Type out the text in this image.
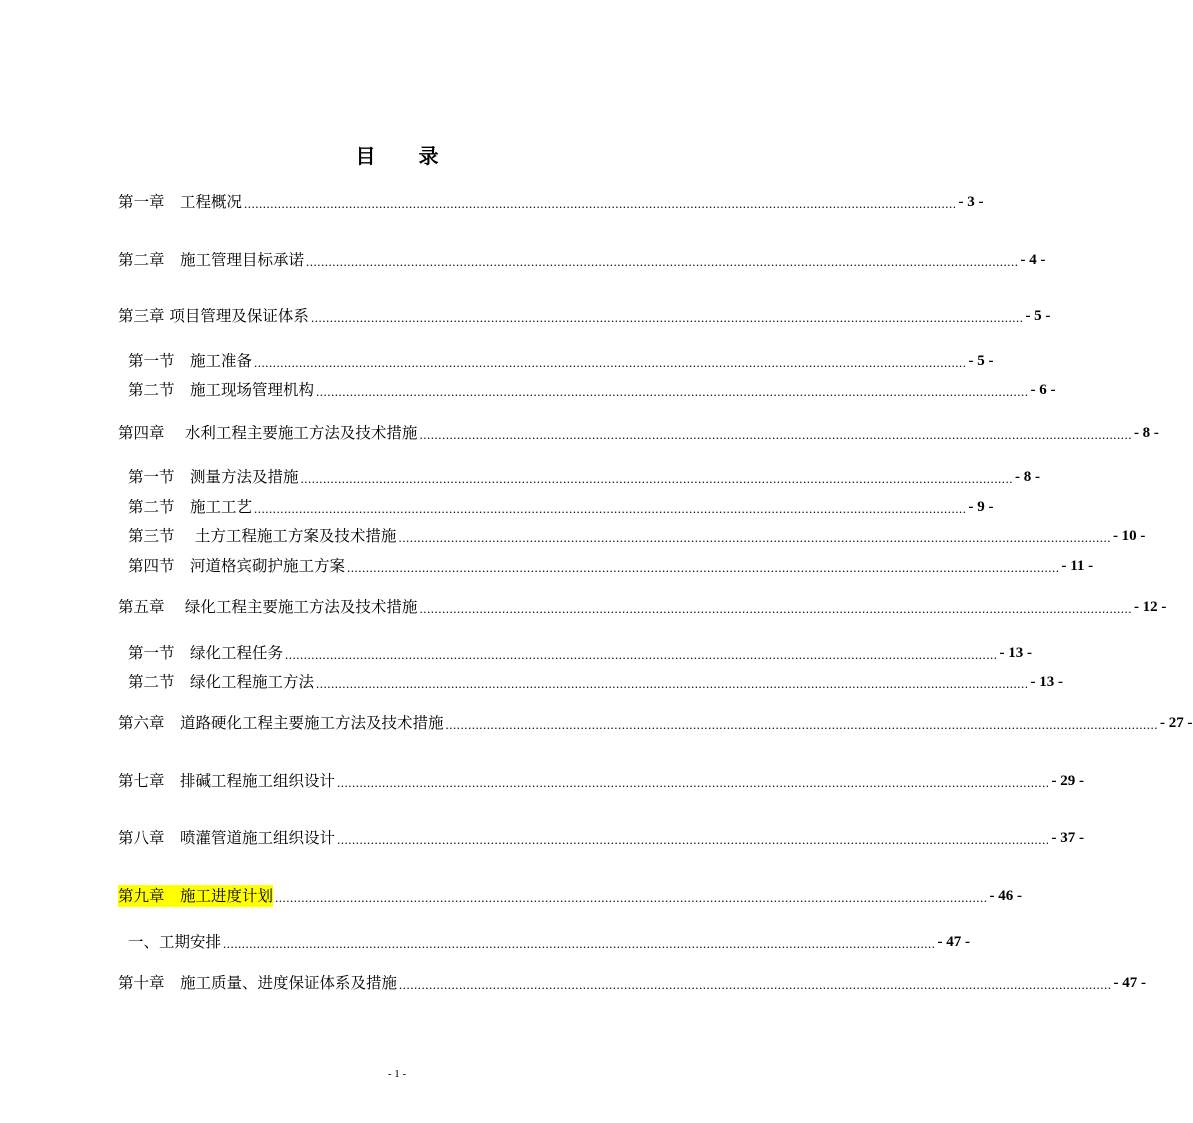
目 录
第一章　工程概况 .............................................................................................................................................................................................. - 3 -
第二章　施工管理目标承诺 .............................................................................................................................................................................................. - 4 -
第三章 项目管理及保证体系 .............................................................................................................................................................................................. - 5 -
第一节　施工准备 .............................................................................................................................................................................................. - 5 -
第二节　施工现场管理机构 .............................................................................................................................................................................................. - 6 -
第四章　 水利工程主要施工方法及技术措施 .............................................................................................................................................................................................. - 8 -
第一节　测量方法及措施 .............................................................................................................................................................................................. - 8 -
第二节　施工工艺 .............................................................................................................................................................................................. - 9 -
第三节　 土方工程施工方案及技术措施 .............................................................................................................................................................................................. - 10 -
第四节　河道格宾砌护施工方案 .............................................................................................................................................................................................. - 11 -
第五章　 绿化工程主要施工方法及技术措施 .............................................................................................................................................................................................. - 12 -
第一节　绿化工程任务 .............................................................................................................................................................................................. - 13 -
第二节　绿化工程施工方法 .............................................................................................................................................................................................. - 13 -
第六章　道路硬化工程主要施工方法及技术措施 .............................................................................................................................................................................................. - 27 -
第七章　排碱工程施工组织设计 .............................................................................................................................................................................................. - 29 -
第八章　喷灌管道施工组织设计 .............................................................................................................................................................................................. - 37 -
第九章　施工进度计划 .............................................................................................................................................................................................. - 46 -
一、工期安排 .............................................................................................................................................................................................. - 47 -
第十章　施工质量、进度保证体系及措施 .............................................................................................................................................................................................. - 47 -
- 1 -
